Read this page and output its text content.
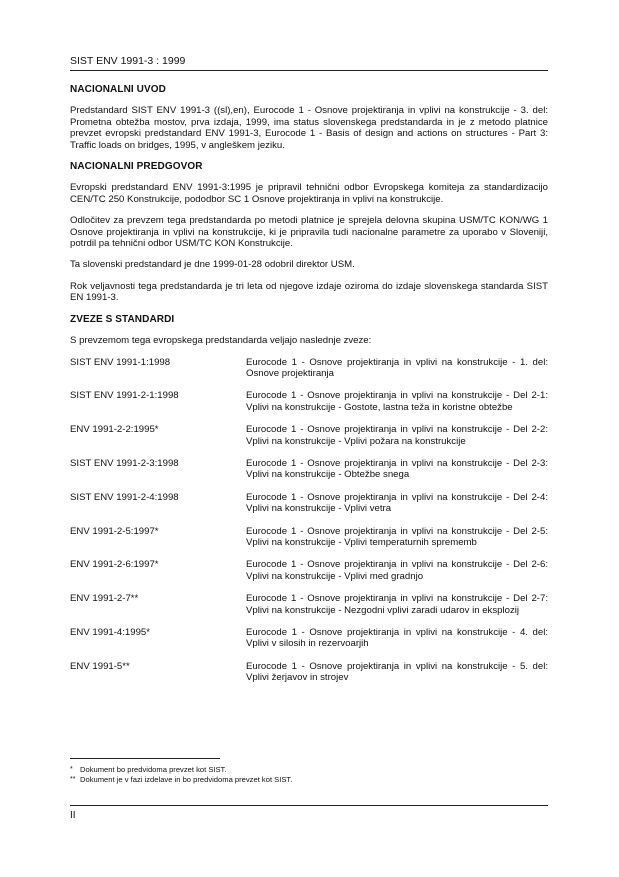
SIST ENV 1991-3 : 1999
NACIONALNI UVOD

Predstandard SIST ENV 1991-3 ((sl),en), Eurocode 1 - Osnove projektiranja in vplivi na konstrukcije - 3. del: Prometna obtežba mostov, prva izdaja, 1999, ima status slovenskega predstandarda in je z metodo platnice prevzet evropski predstandard ENV 1991-3, Eurocode 1 - Basis of design and actions on structures - Part 3: Traffic loads on bridges, 1995, v angleškem jeziku.

NACIONALNI PREDGOVOR

Evropski predstandard ENV 1991-3:1995 je pripravil tehnični odbor Evropskega komiteja za standardizacijo CEN/TC 250 Konstrukcije, pododbor SC 1 Osnove projektiranja in vplivi na konstrukcije.

Odločitev za prevzem tega predstandarda po metodi platnice je sprejela delovna skupina USM/TC KON/WG 1 Osnove projektiranja in vplivi na konstrukcije, ki je pripravila tudi nacionalne parametre za uporabo v Sloveniji, potrdil pa tehnični odbor USM/TC KON Konstrukcije.

Ta slovenski predstandard je dne 1999-01-28 odobril direktor USM.

Rok veljavnosti tega predstandarda je tri leta od njegove izdaje oziroma do izdaje slovenskega standarda SIST EN 1991-3.

ZVEZE S STANDARDI

S prevzemom tega evropskega predstandarda veljajo naslednje zveze:

SIST ENV 1991-1:1998	Eurocode 1 - Osnove projektiranja in vplivi na konstrukcije - 1. del: Osnove projektiranja
SIST ENV 1991-2-1:1998	Eurocode 1 - Osnove projektiranja in vplivi na konstrukcije - Del 2-1: Vplivi na konstrukcije - Gostote, lastna teža in koristne obtežbe
ENV 1991-2-2:1995*	Eurocode 1 - Osnove projektiranja in vplivi na konstrukcije - Del 2-2: Vplivi na konstrukcije - Vplivi požara na konstrukcije
SIST ENV 1991-2-3:1998	Eurocode 1 - Osnove projektiranja in vplivi na konstrukcije - Del 2-3: Vplivi na konstrukcije - Obtežbe snega
SIST ENV 1991-2-4:1998	Eurocode 1 - Osnove projektiranja in vplivi na konstrukcije - Del 2-4: Vplivi na konstrukcije - Vplivi vetra
ENV 1991-2-5:1997*	Eurocode 1 - Osnove projektiranja in vplivi na konstrukcije - Del 2-5: Vplivi na konstrukcije - Vplivi temperaturnih sprememb
ENV 1991-2-6:1997*	Eurocode 1 - Osnove projektiranja in vplivi na konstrukcije - Del 2-6: Vplivi na konstrukcije - Vplivi med gradnjo
ENV 1991-2-7**	Eurocode 1 - Osnove projektiranja in vplivi na konstrukcije - Del 2-7: Vplivi na konstrukcije - Nezgodni vplivi zaradi udarov in eksplozij
ENV 1991-4:1995*	Eurocode 1 - Osnove projektiranja in vplivi na konstrukcije - 4. del: Vplivi v silosih in rezervoarjih
ENV 1991-5**	Eurocode 1 - Osnove projektiranja in vplivi na konstrukcije - 5. del: Vplivi žerjavov in strojev
* Dokument bo predvidoma prevzet kot SIST.
** Dokument je v fazi izdelave in bo predvidoma prevzet kot SIST.
II
